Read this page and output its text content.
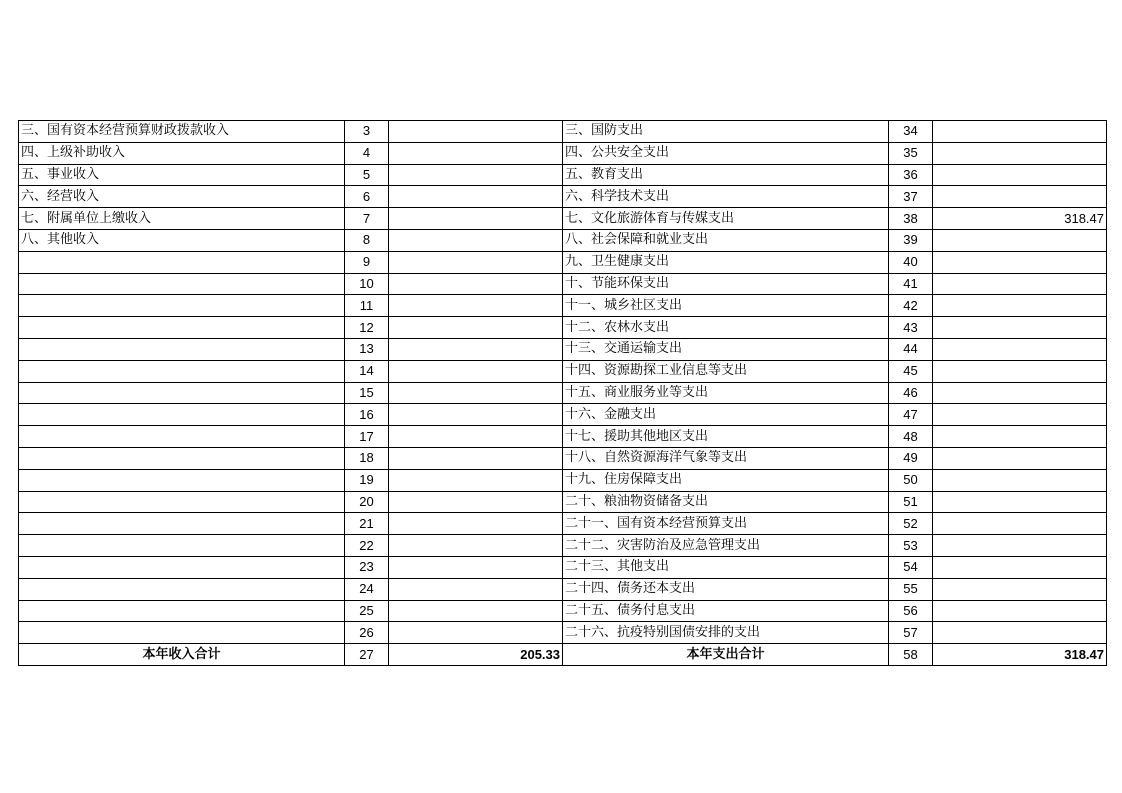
三、国有资本经营预算财政拨款收入	3		三、国防支出	34	
四、上级补助收入	4		四、公共安全支出	35	
五、事业收入	5		五、教育支出	36	
六、经营收入	6		六、科学技术支出	37	
七、附属单位上缴收入	7		七、文化旅游体育与传媒支出	38	318.47
八、其他收入	8		八、社会保障和就业支出	39	
	9		九、卫生健康支出	40	
	10		十、节能环保支出	41	
	11		十一、城乡社区支出	42	
	12		十二、农林水支出	43	
	13		十三、交通运输支出	44	
	14		十四、资源勘探工业信息等支出	45	
	15		十五、商业服务业等支出	46	
	16		十六、金融支出	47	
	17		十七、援助其他地区支出	48	
	18		十八、自然资源海洋气象等支出	49	
	19		十九、住房保障支出	50	
	20		二十、粮油物资储备支出	51	
	21		二十一、国有资本经营预算支出	52	
	22		二十二、灾害防治及应急管理支出	53	
	23		二十三、其他支出	54	
	24		二十四、债务还本支出	55	
	25		二十五、债务付息支出	56	
	26		二十六、抗疫特别国债安排的支出	57	
本年收入合计	27	205.33	本年支出合计	58	318.47
